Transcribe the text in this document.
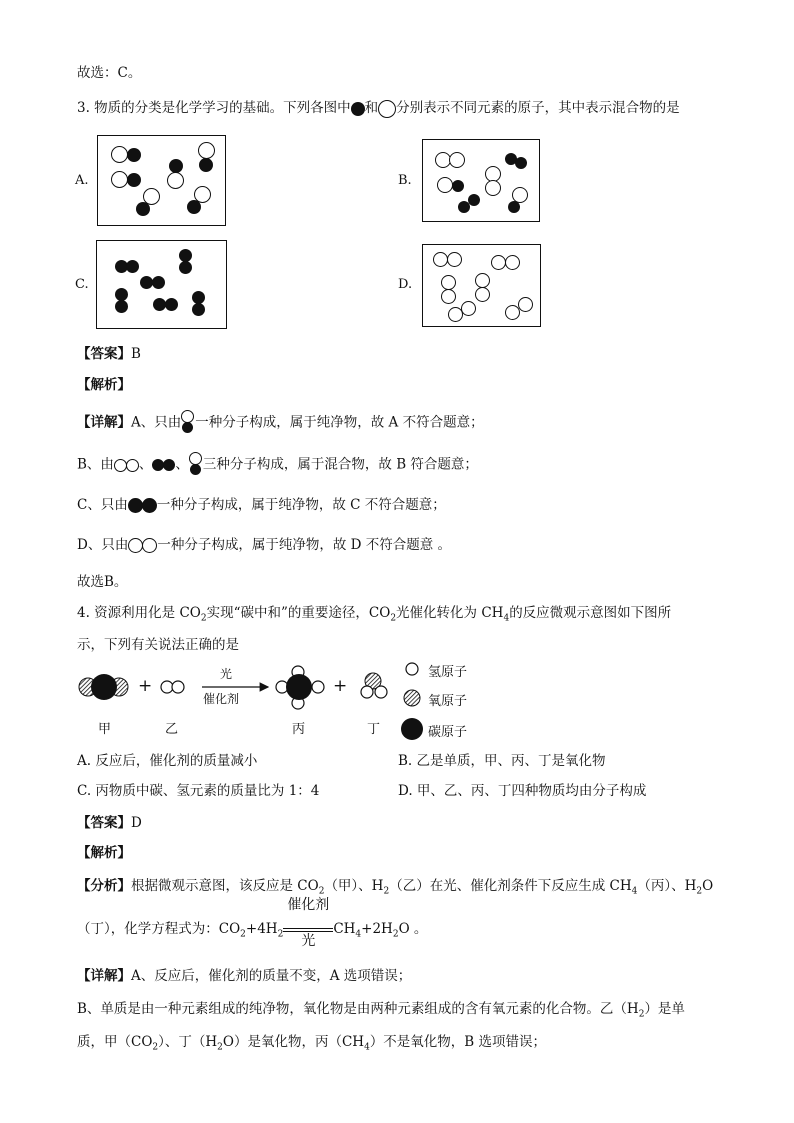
故选：C。
3. 物质的分类是化学学习的基础。下列各图中 和 分别表示不同元素的原子，其中表示混合物的是
A.	B.
C.	D.
【答案】B
【解析】
【详解】A、只由 一种分子构成，属于纯净物，故 A 不符合题意；
B、由 、 、 三种分子构成，属于混合物，故 B 符合题意；
C、只由 一种分子构成，属于纯净物，故 C 不符合题意；
D、只由 一种分子构成，属于纯净物，故 D 不符合题意 。
故选B。
4. 资源利用化是 $CO_2$实现“碳中和”的重要途径，$CO_2$光催化转化为 $CH_4$的反应微观示意图如下图所
示，下列有关说法正确的是
+	+
光
催化剂
甲	乙	丙	丁
氢原子
氧原子
碳原子
A. 反应后，催化剂的质量减小	B. 乙是单质，甲、丙、丁是氧化物
C. 丙物质中碳、氢元素的质量比为 1：4	D. 甲、乙、丙、丁四种物质均由分子构成
【答案】D
【解析】
【分析】根据微观示意图，该反应是 $CO_2$（甲）、$H_2$（乙）在光、催化剂条件下反应生成 $CH_4$（丙）、$H_2O$
（丁），化学方程式为：$CO_2+4H_2 \frac{\text{催化剂}}{\text{光}} CH_4+2H_2O$ 。
【详解】A、反应后，催化剂的质量不变，A 选项错误；
B、单质是由一种元素组成的纯净物，氧化物是由两种元素组成的含有氧元素的化合物。乙$(H_2)$是单
质，甲$(CO_2)$、丁$(H_2O)$是氧化物，丙$(CH_4)$不是氧化物，B 选项错误；
